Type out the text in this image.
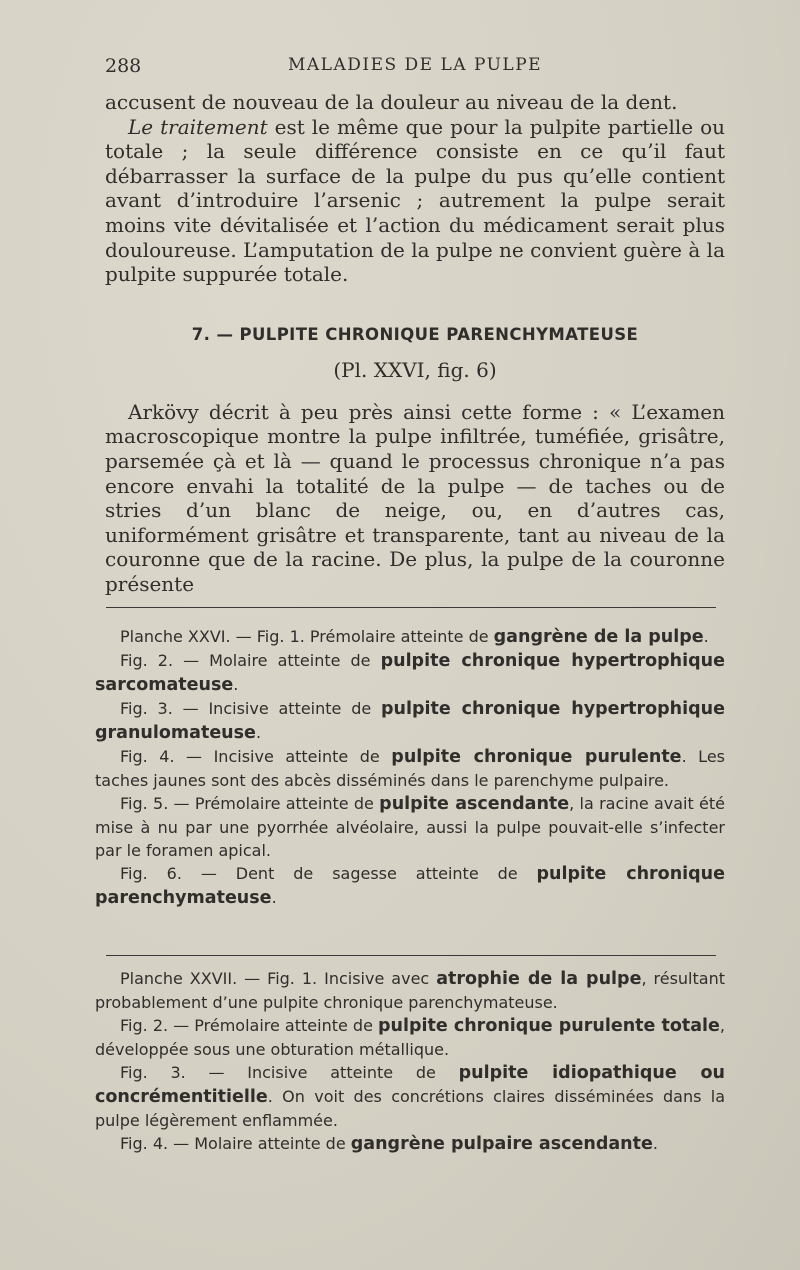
288	MALADIES DE LA PULPE

accusent de nouveau de la douleur au niveau de la dent.

Le traitement est le même que pour la pulpite partielle ou totale ; la seule différence consiste en ce qu’il faut débarrasser la surface de la pulpe du pus qu’elle contient avant d’introduire l’arsenic ; autrement la pulpe serait moins vite dévitalisée et l’action du médicament serait plus douloureuse. L’amputation de la pulpe ne convient guère à la pulpite suppurée totale.

7. — PULPITE CHRONIQUE PARENCHYMATEUSE
(Pl. XXVI, fig. 6)

Arkövy décrit à peu près ainsi cette forme : « L’examen macroscopique montre la pulpe infiltrée, tuméfiée, grisâtre, parsemée çà et là — quand le processus chronique n’a pas encore envahi la totalité de la pulpe — de taches ou de stries d’un blanc de neige, ou, en d’autres cas, uniformément grisâtre et transparente, tant au niveau de la couronne que de la racine. De plus, la pulpe de la couronne présente

Planche XXVI. — Fig. 1. Prémolaire atteinte de gangrène de la pulpe.

Fig. 2. — Molaire atteinte de pulpite chronique hypertrophique sarcomateuse.

Fig. 3. — Incisive atteinte de pulpite chronique hypertrophique granulomateuse.

Fig. 4. — Incisive atteinte de pulpite chronique purulente. Les taches jaunes sont des abcès disséminés dans le parenchyme pulpaire.

Fig. 5. — Prémolaire atteinte de pulpite ascendante, la racine avait été mise à nu par une pyorrhée alvéolaire, aussi la pulpe pouvait-elle s’infecter par le foramen apical.

Fig. 6. — Dent de sagesse atteinte de pulpite chronique parenchymateuse.

Planche XXVII. — Fig. 1. Incisive avec atrophie de la pulpe, résultant probablement d’une pulpite chronique parenchymateuse.

Fig. 2. — Prémolaire atteinte de pulpite chronique purulente totale, développée sous une obturation métallique.

Fig. 3. — Incisive atteinte de pulpite idiopathique ou concrémentitielle. On voit des concrétions claires disséminées dans la pulpe légèrement enflammée.

Fig. 4. — Molaire atteinte de gangrène pulpaire ascendante.
